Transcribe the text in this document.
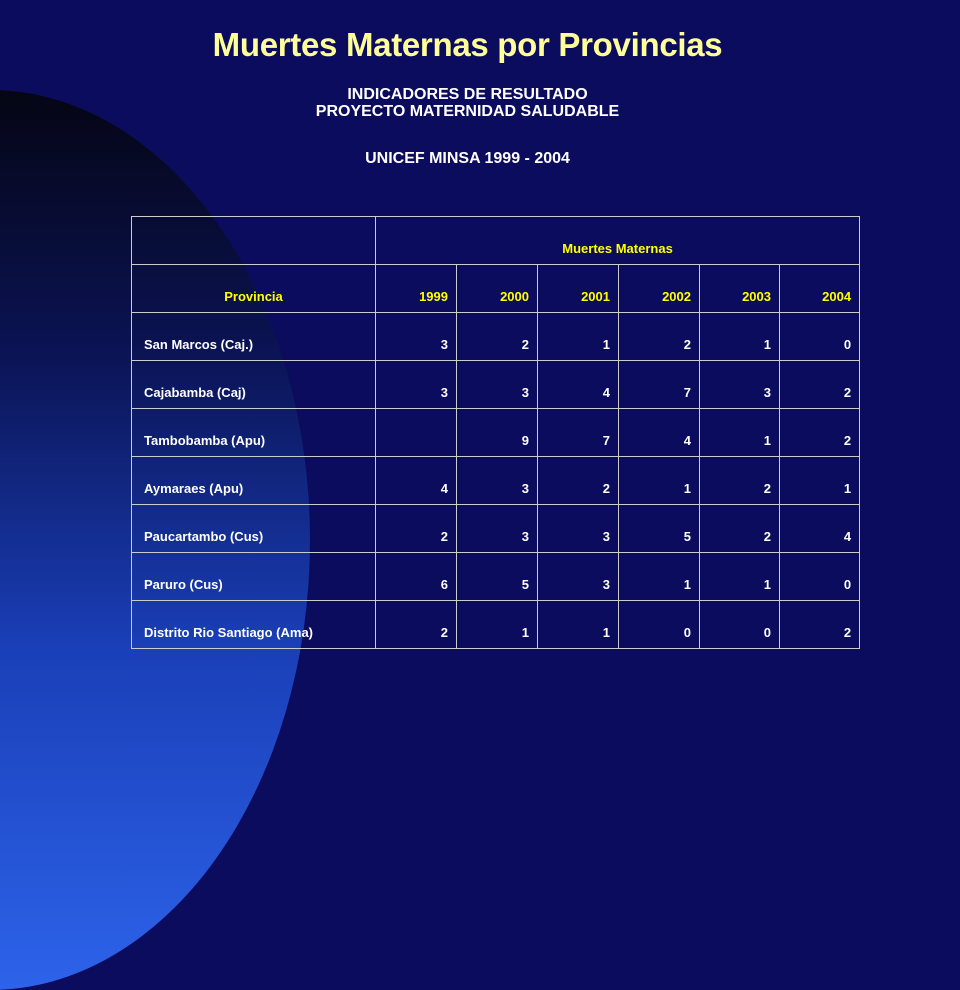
Muertes Maternas por Provincias
INDICADORES DE RESULTADO
PROYECTO MATERNIDAD SALUDABLE
UNICEF MINSA 1999 - 2004
	Muertes Maternas					
Provincia	1999	2000	2001	2002	2003	2004
San Marcos (Caj.)	3	2	1	2	1	0
Cajabamba (Caj)	3	3	4	7	3	2
Tambobamba (Apu)		9	7	4	1	2
Aymaraes (Apu)	4	3	2	1	2	1
Paucartambo (Cus)	2	3	3	5	2	4
Paruro (Cus)	6	5	3	1	1	0
Distrito Rio Santiago (Ama)	2	1	1	0	0	2
